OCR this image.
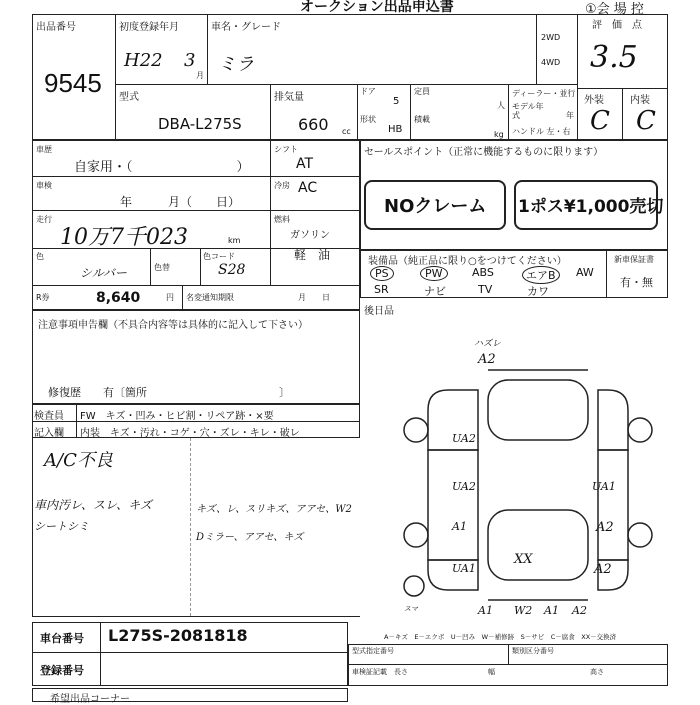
オークション出品申込書	①会 場 控
出品番号
9545
初度登録年月
H22 3
月
車名・グレード
ミラ
2WD
4WD
評　価　点
3.5
型式
DBA-L275S
排気量
660 cc
ドア
5
形状
HB
定員
人
積載
kg
ディーラー・並行
モデル年式	年
ハンドル 左・右
外装	内装
C C
車歴
自家用・（　　　　　　　　）
シフト
AT
車検
年　　　月（　　日）
冷房 AC
走行
10万7千023	km
燃料
ガソリン
軽　油
色
シルバー	色替
色コード
S28
R券	8,640	円 名変通知期限	月　　日
セールスポイント（正常に機能するものに限ります）
NOクレーム 1ポス¥1,000売切
装備品（純正品に限り○をつけてください）
PS	PW	ABS	エアB	AW
SR	ナビ	TV	カワ
新車保証書
有・無
後日品
注意事項申告欄（不具合内容等は具体的に記入して下さい）
修復歴　　有〔箇所　　　　　　　　　　　　〕
検査員
記入欄
FW　キズ・凹み・ヒビ割・リペア跡・×要
内装　キズ・汚れ・コゲ・穴・ズレ・キレ・破レ
A/C不良
車内汚レ、スレ、キズ
シートシミ
キズ、レ、スリキズ、アアセ、W2
Dミラー、アアセ、キズ
ハズレ
A2
UA2
UA2	UA1
A1	A2
UA1
XX
A2
A1 W2 A1 A2
スマ
A－キズ　E－エクボ　U－凹み　W－補修跡　S－サビ　C－腐食　XX－交換済
車台番号 L275S-2081818
登録番号
型式指定番号	類別区分番号
車検証記載　長さ	幅	高さ
希望出品コーナー
